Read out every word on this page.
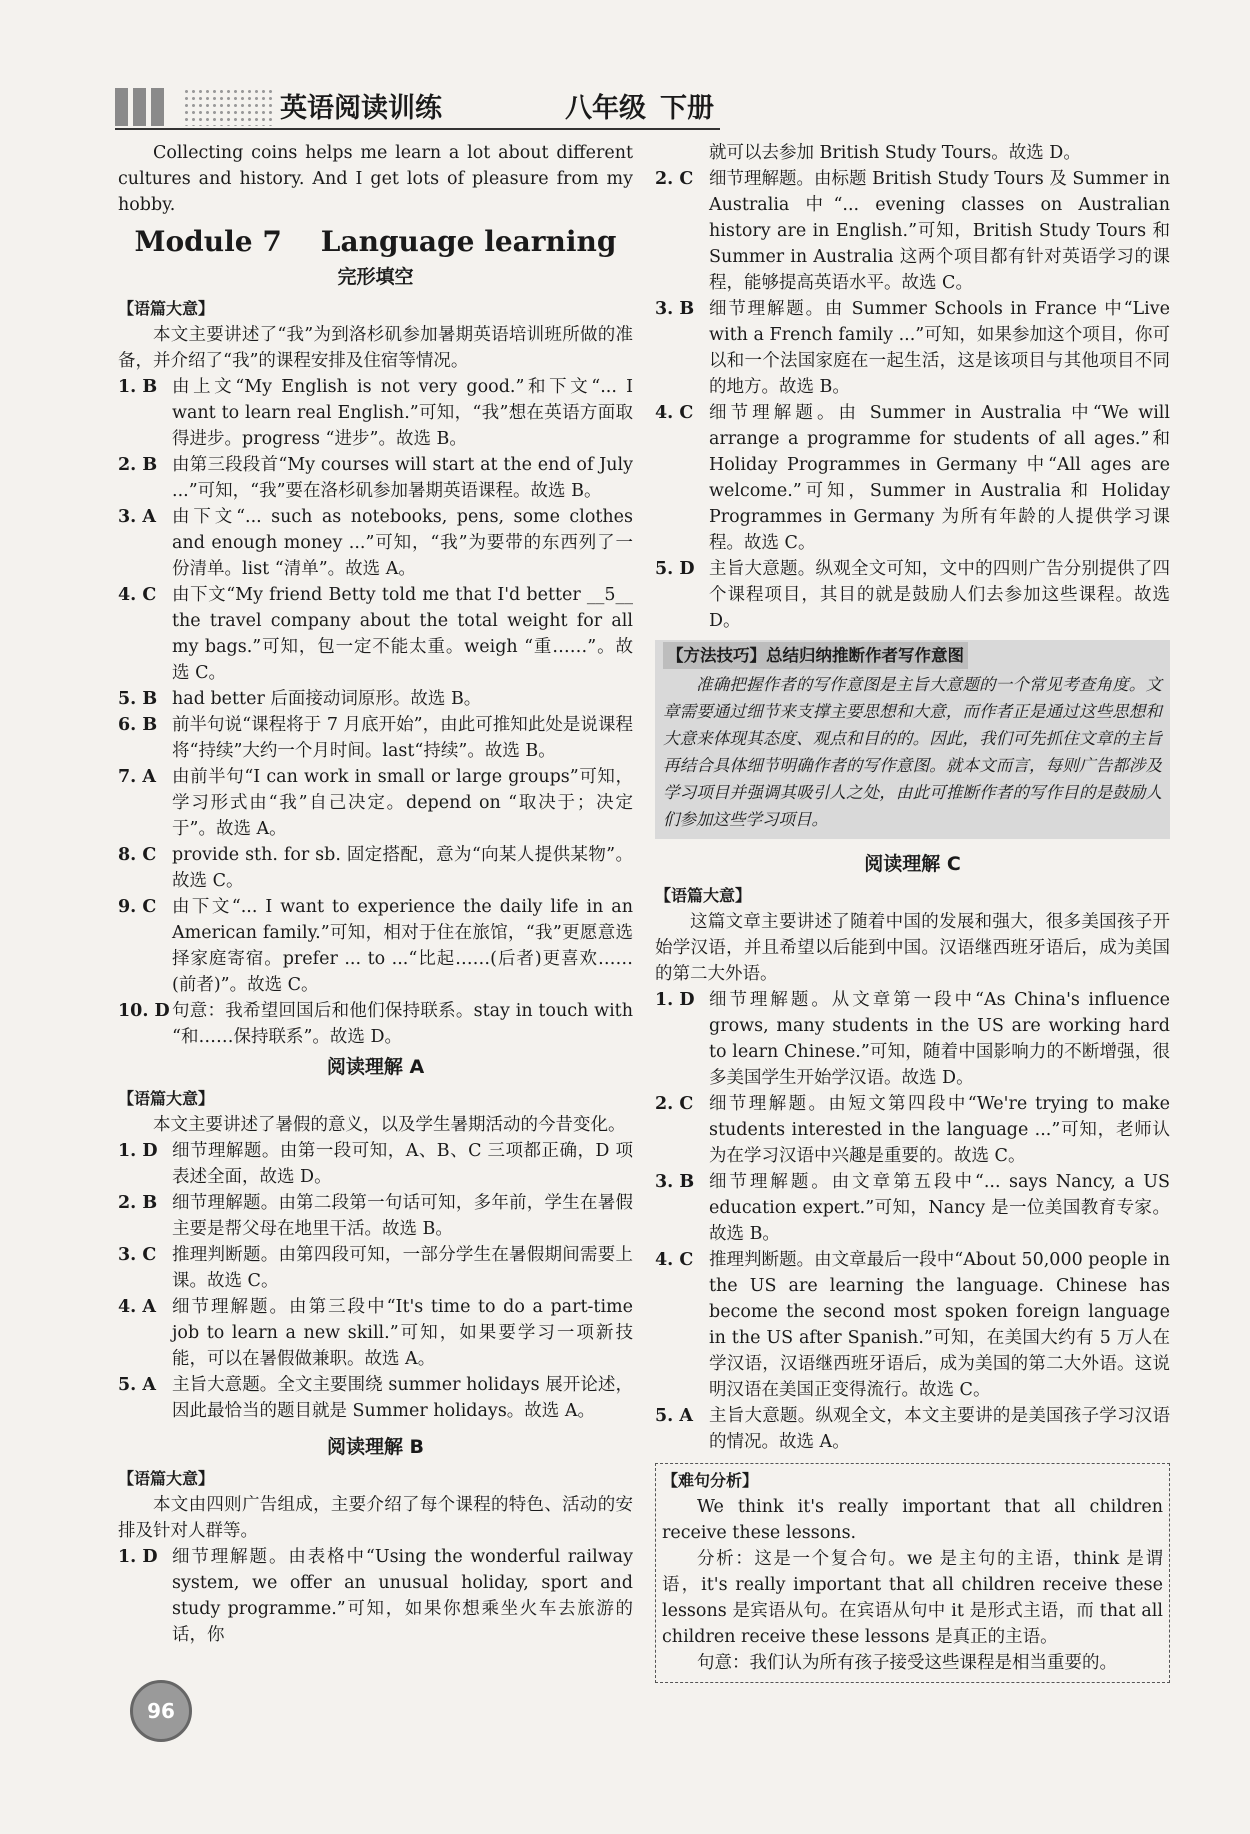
英语阅读训练	八年级 下册

Collecting coins helps me learn a lot about different cultures and history. And I get lots of pleasure from my hobby.

Module 7    Language learning
完形填空
【语篇大意】

本文主要讲述了“我”为到洛杉矶参加暑期英语培训班所做的准备，并介绍了“我”的课程安排及住宿等情况。

1. B 由上文“My English is not very good.”和下文“... I want to learn real English.”可知，“我”想在英语方面取得进步。progress “进步”。故选 B。
2. B 由第三段段首“My courses will start at the end of July ...”可知，“我”要在洛杉矶参加暑期英语课程。故选 B。
3. A 由下文“... such as notebooks, pens, some clothes and enough money ...”可知，“我”为要带的东西列了一份清单。list “清单”。故选 A。
4. C 由下文“My friend Betty told me that I'd better __5__ the travel company about the total weight for all my bags.”可知，包一定不能太重。weigh “重……”。故选 C。
5. B had better 后面接动词原形。故选 B。
6. B 前半句说“课程将于 7 月底开始”，由此可推知此处是说课程将“持续”大约一个月时间。last“持续”。故选 B。
7. A 由前半句“I can work in small or large groups”可知，学习形式由“我”自己决定。depend on “取决于；决定于”。故选 A。
8. C provide sth. for sb. 固定搭配，意为“向某人提供某物”。故选 C。
9. C 由下文“... I want to experience the daily life in an American family.”可知，相对于住在旅馆，“我”更愿意选择家庭寄宿。prefer ... to ...“比起……(后者)更喜欢……(前者)”。故选 C。
10. D 句意：我希望回国后和他们保持联系。stay in touch with “和……保持联系”。故选 D。
阅读理解 A
【语篇大意】

本文主要讲述了暑假的意义，以及学生暑期活动的今昔变化。

1. D 细节理解题。由第一段可知，A、B、C 三项都正确，D 项表述全面，故选 D。
2. B 细节理解题。由第二段第一句话可知，多年前，学生在暑假主要是帮父母在地里干活。故选 B。
3. C 推理判断题。由第四段可知，一部分学生在暑假期间需要上课。故选 C。
4. A 细节理解题。由第三段中“It's time to do a part-time job to learn a new skill.”可知，如果要学习一项新技能，可以在暑假做兼职。故选 A。
5. A 主旨大意题。全文主要围绕 summer holidays 展开论述，因此最恰当的题目就是 Summer holidays。故选 A。
阅读理解 B
【语篇大意】

本文由四则广告组成，主要介绍了每个课程的特色、活动的安排及针对人群等。

1. D 细节理解题。由表格中“Using the wonderful railway system, we offer an unusual holiday, sport and study programme.”可知，如果你想乘坐火车去旅游的话，你

就可以去参加 British Study Tours。故选 D。

2. C 细节理解题。由标题 British Study Tours 及 Summer in Australia 中“... evening classes on Australian history are in English.”可知，British Study Tours 和 Summer in Australia 这两个项目都有针对英语学习的课程，能够提高英语水平。故选 C。
3. B 细节理解题。由 Summer Schools in France 中“Live with a French family ...”可知，如果参加这个项目，你可以和一个法国家庭在一起生活，这是该项目与其他项目不同的地方。故选 B。
4. C 细节理解题。由 Summer in Australia 中“We will arrange a programme for students of all ages.”和 Holiday Programmes in Germany 中“All ages are welcome.”可知，Summer in Australia 和 Holiday Programmes in Germany 为所有年龄的人提供学习课程。故选 C。
5. D 主旨大意题。纵观全文可知，文中的四则广告分别提供了四个课程项目，其目的就是鼓励人们去参加这些课程。故选 D。
【方法技巧】总结归纳推断作者写作意图

准确把握作者的写作意图是主旨大意题的一个常见考查角度。文章需要通过细节来支撑主要思想和大意，而作者正是通过这些思想和大意来体现其态度、观点和目的的。因此，我们可先抓住文章的主旨再结合具体细节明确作者的写作意图。就本文而言，每则广告都涉及学习项目并强调其吸引人之处，由此可推断作者的写作目的是鼓励人们参加这些学习项目。

阅读理解 C
【语篇大意】

这篇文章主要讲述了随着中国的发展和强大，很多美国孩子开始学汉语，并且希望以后能到中国。汉语继西班牙语后，成为美国的第二大外语。

1. D 细节理解题。从文章第一段中“As China's influence grows, many students in the US are working hard to learn Chinese.”可知，随着中国影响力的不断增强，很多美国学生开始学汉语。故选 D。
2. C 细节理解题。由短文第四段中“We're trying to make students interested in the language ...”可知，老师认为在学习汉语中兴趣是重要的。故选 C。
3. B 细节理解题。由文章第五段中“... says Nancy, a US education expert.”可知，Nancy 是一位美国教育专家。故选 B。
4. C 推理判断题。由文章最后一段中“About 50,000 people in the US are learning the language. Chinese has become the second most spoken foreign language in the US after Spanish.”可知，在美国大约有 5 万人在学汉语，汉语继西班牙语后，成为美国的第二大外语。这说明汉语在美国正变得流行。故选 C。
5. A 主旨大意题。纵观全文，本文主要讲的是美国孩子学习汉语的情况。故选 A。
【难句分析】

We think it's really important that all children receive these lessons.

分析：这是一个复合句。we 是主句的主语，think 是谓语，it's really important that all children receive these lessons 是宾语从句。在宾语从句中 it 是形式主语，而 that all children receive these lessons 是真正的主语。

句意：我们认为所有孩子接受这些课程是相当重要的。

96
